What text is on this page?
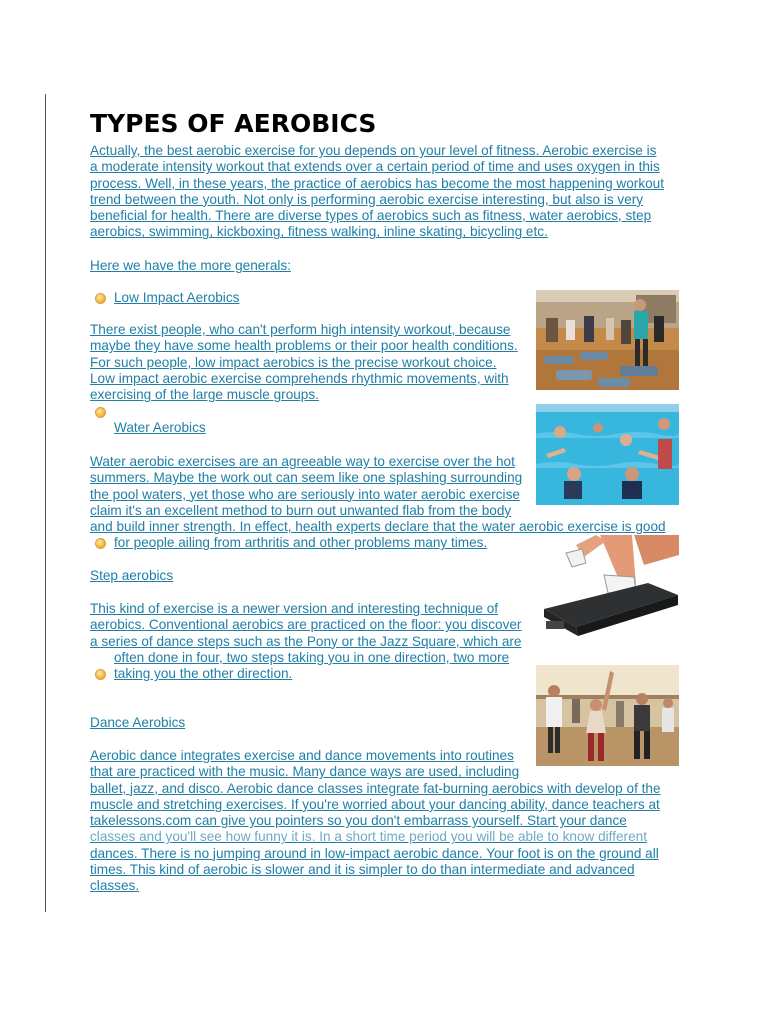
TYPES OF AEROBICS

Actually, the best aerobic exercise for you depends on your level of fitness. Aerobic exercise is
a moderate intensity workout that extends over a certain period of time and uses oxygen in this
process. Well, in these years, the practice of aerobics has become the most happening workout
trend between the youth. Not only is performing aerobic exercise interesting, but also is very
beneficial for health. There are diverse types of aerobics such as fitness, water aerobics, step
aerobics, swimming, kickboxing, fitness walking, inline skating, bicycling etc.

Here we have the more generals:

Low Impact Aerobics

There exist people, who can't perform high intensity workout, because
maybe they have some health problems or their poor health conditions.
For such people, low impact aerobics is the precise workout choice.
Low impact aerobic exercise comprehends rhythmic movements, with
exercising of the large muscle groups.

Water Aerobics

Water aerobic exercises are an agreeable way to exercise over the hot
summers. Maybe the work out can seem like one splashing surrounding
the pool waters, yet those who are seriously into water aerobic exercise
claim it's an excellent method to burn out unwanted flab from the body
and build inner strength. In effect, health experts declare that the water aerobic exercise is good
for people ailing from arthritis and other problems many times.

Step aerobics

This kind of exercise is a newer version and interesting technique of
aerobics. Conventional aerobics are practiced on the floor: you discover
a series of dance steps such as the Pony or the Jazz Square, which are
often done in four, two steps taking you in one direction, two more
taking you the other direction.

Dance Aerobics

Aerobic dance integrates exercise and dance movements into routines
that are practiced with the music. Many dance ways are used, including
ballet, jazz, and disco. Aerobic dance classes integrate fat-burning aerobics with develop of the
muscle and stretching exercises. If you're worried about your dancing ability, dance teachers at
takelessons.com can give you pointers so you don't embarrass yourself. Start your dance
classes and you'll see how funny it is. In a short time period you will be able to know different
dances. There is no jumping around in low-impact aerobic dance. Your foot is on the ground all
times. This kind of aerobic is slower and it is simpler to do than intermediate and advanced
classes.
